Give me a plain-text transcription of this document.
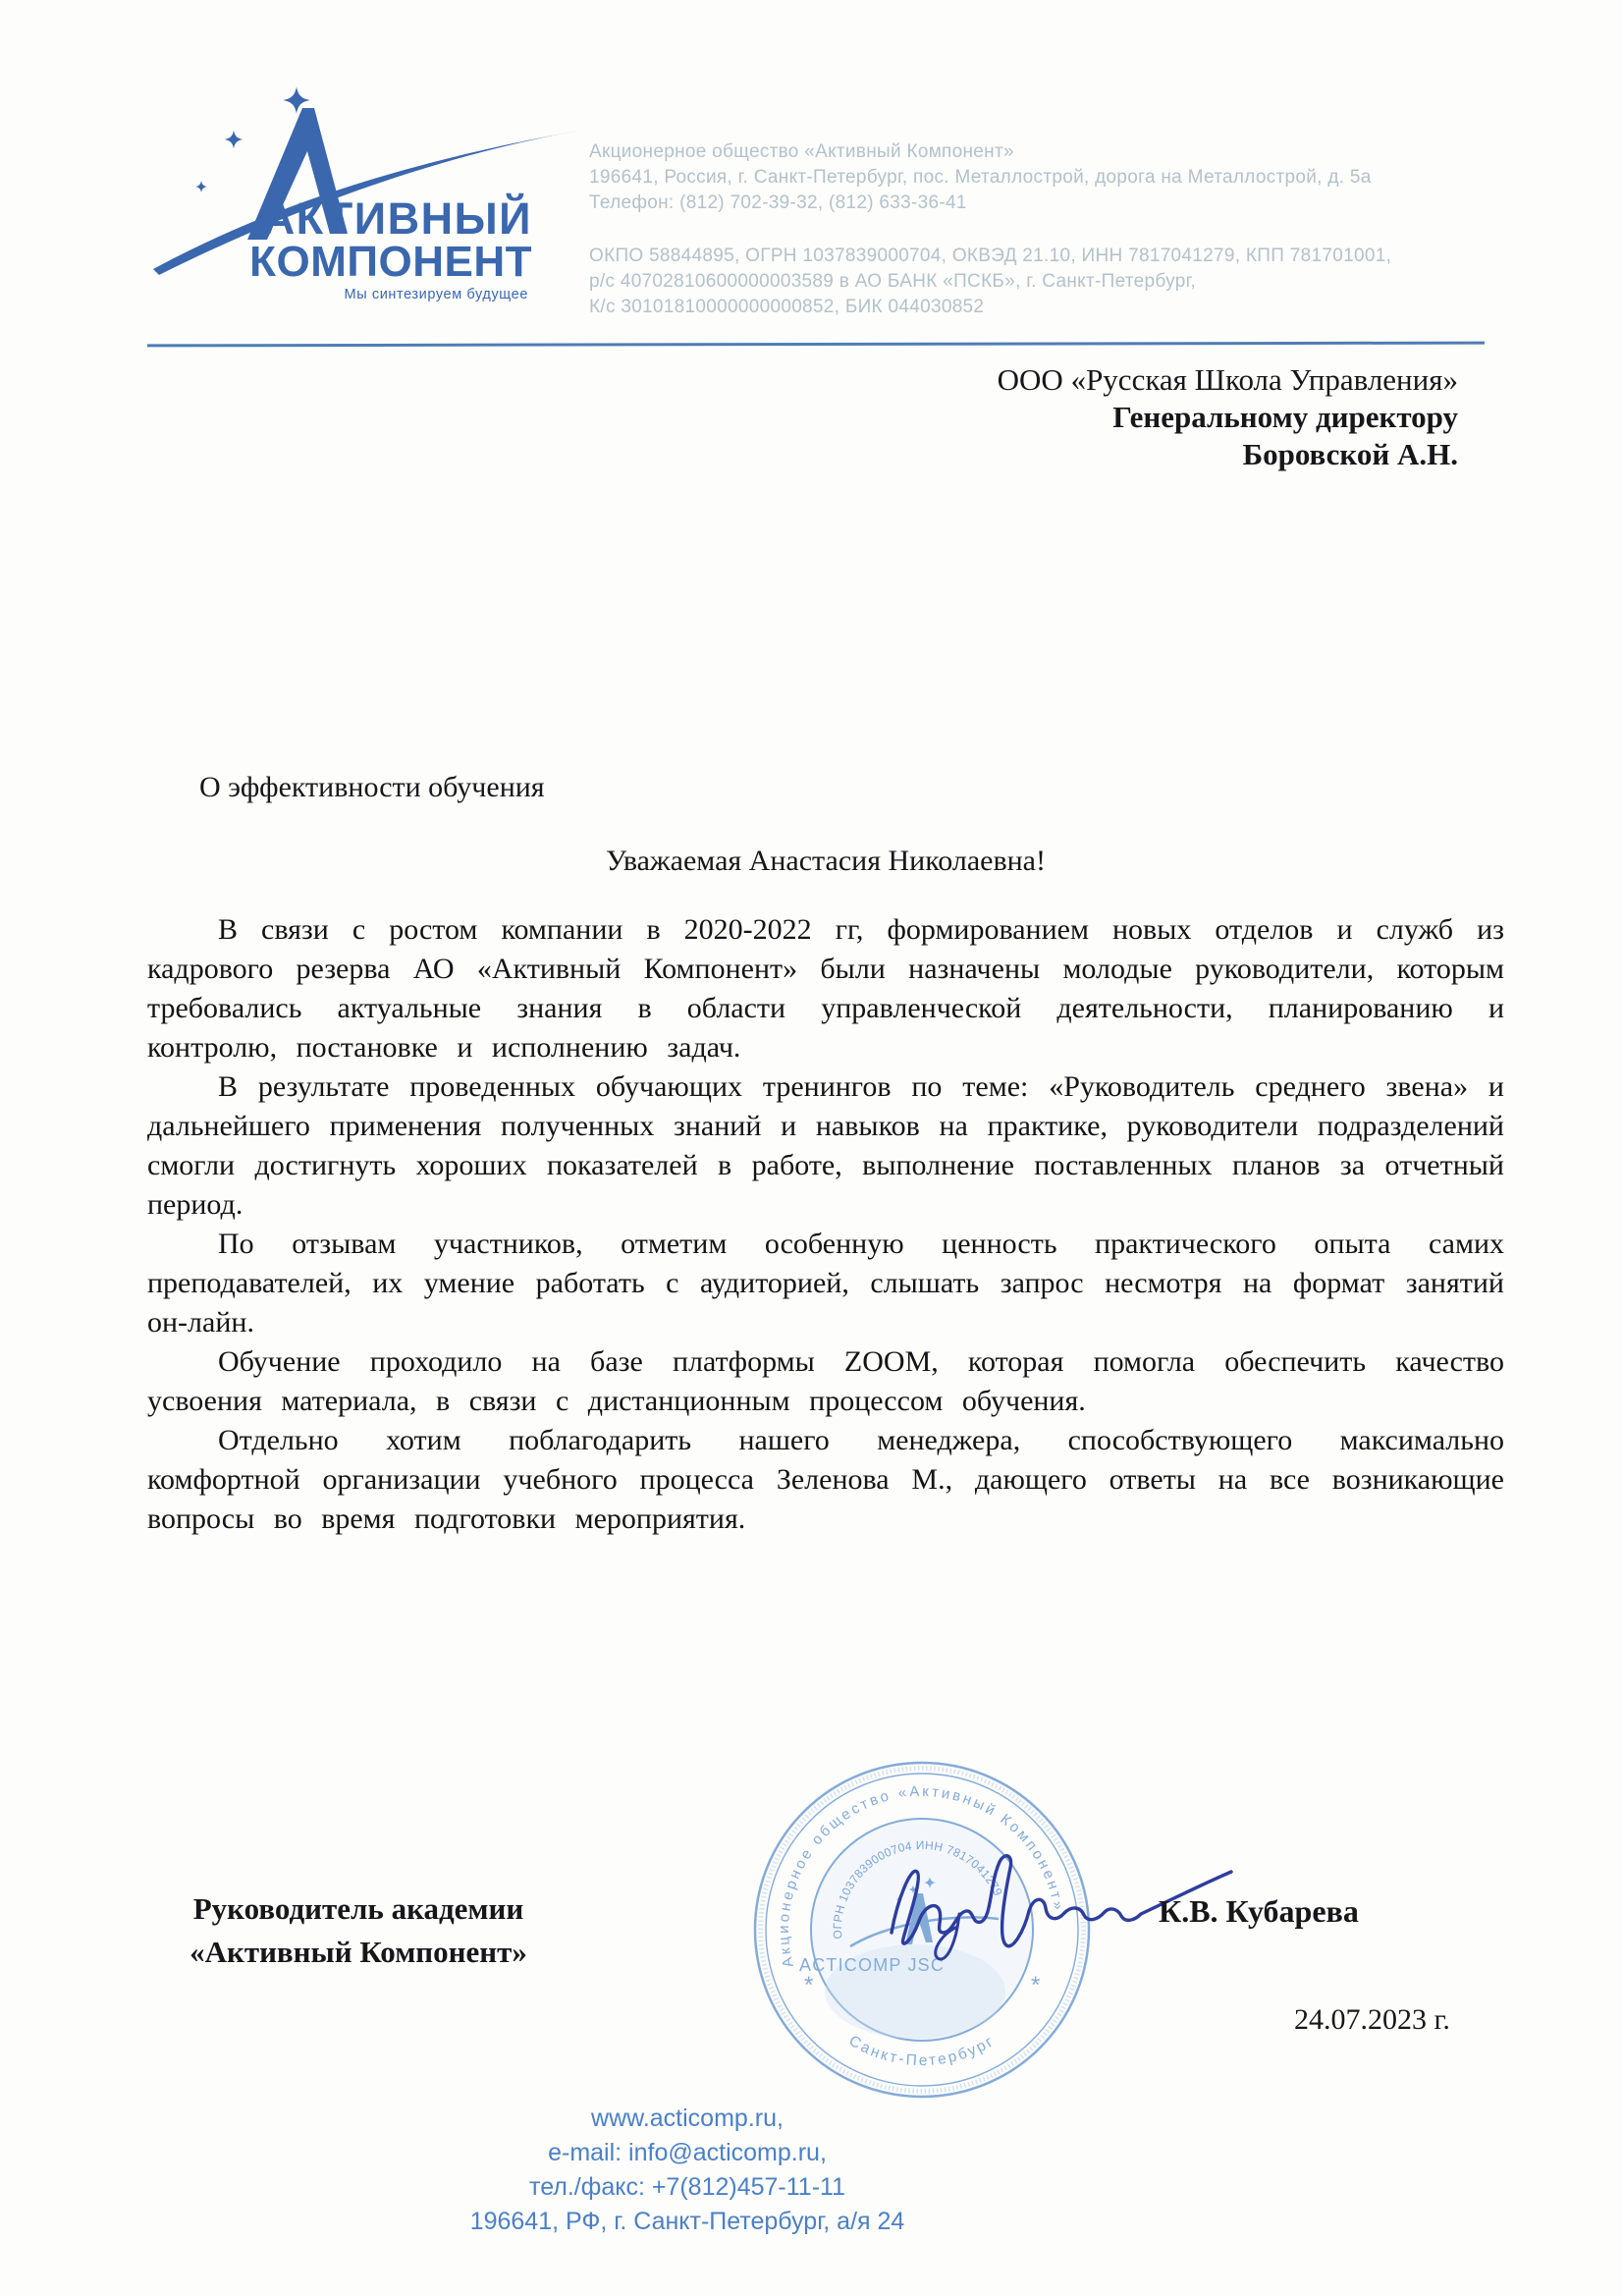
АКТИВНЫЙ
КОМПОНЕНТ
Мы синтезируем будущее
Акционерное общество «Активный Компонент»
196641, Россия, г. Санкт-Петербург, пос. Металлострой, дорога на Металлострой, д. 5а
Телефон: (812) 702-39-32, (812) 633-36-41
ОКПО 58844895, ОГРН 1037839000704, ОКВЭД 21.10, ИНН 7817041279, КПП 781701001,
р/с 40702810600000003589 в АО БАНК «ПСКБ», г. Санкт-Петербург,
К/с 30101810000000000852, БИК 044030852
ООО «Русская Школа Управления»
Генеральному директору
Боровской А.Н.
О эффективности обучения
Уважаемая Анастасия Николаевна!

В связи с ростом компании в 2020-2022 гг, формированием новых отделов и служб из кадрового резерва АО «Активный Компонент» были назначены молодые руководители, которым требовались актуальные знания в области управленческой деятельности, планированию и контролю, постановке и исполнению задач.

В результате проведенных обучающих тренингов по теме: «Руководитель среднего звена» и дальнейшего применения полученных знаний и навыков на практике, руководители подразделений смогли достигнуть хороших показателей в работе, выполнение поставленных планов за отчетный период.

По отзывам участников, отметим особенную ценность практического опыта самих преподавателей, их умение работать с аудиторией, слышать запрос несмотря на формат занятий он-лайн.

Обучение проходило на базе платформы ZOOM, которая помогла обеспечить качество усвоения материала, в связи с дистанционным процессом обучения.

Отдельно хотим поблагодарить нашего менеджера, способствующего максимально комфортной организации учебного процесса Зеленова М., дающего ответы на все возникающие вопросы во время подготовки мероприятия.

Руководитель академии
«Активный Компонент»	Акционерное общество «Активный Компонент»
ОГРН 1037839000704 ИНН 7817041279
Санкт-Петербург
*	*
ACTICOMP JSC
К.В. Кубарева
24.07.2023 г.
www.acticomp.ru,
e-mail: info@acticomp.ru,
тел./факс: +7(812)457-11-11
196641, РФ, г. Санкт-Петербург, а/я 24
